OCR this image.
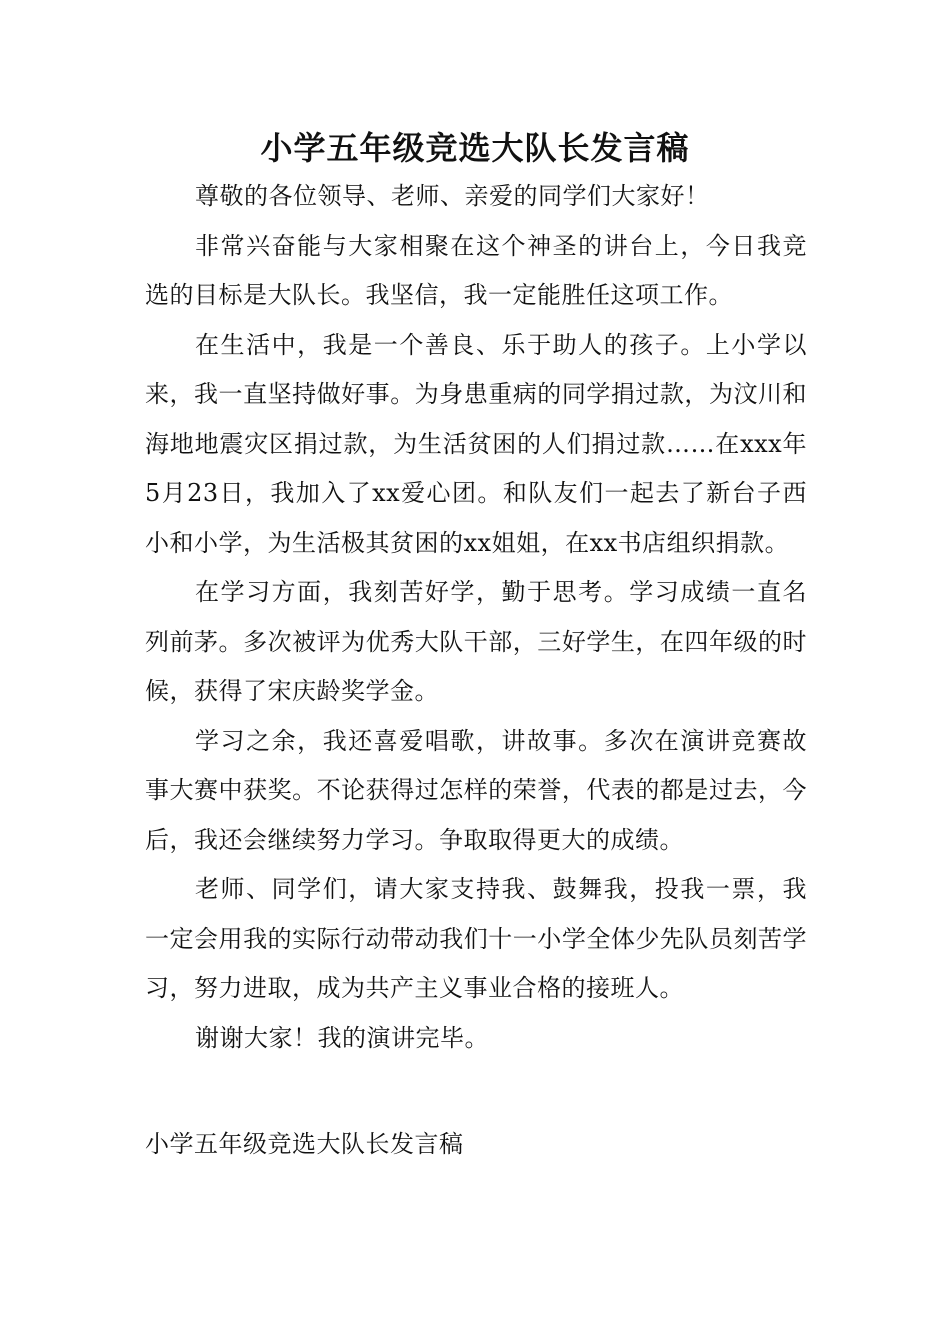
小学五年级竞选大队长发言稿

尊敬的各位领导、老师、亲爱的同学们大家好！

非常兴奋能与大家相聚在这个神圣的讲台上，今日我竞选的目标是大队长。我坚信，我一定能胜任这项工作。

在生活中，我是一个善良、乐于助人的孩子。上小学以来，我一直坚持做好事。为身患重病的同学捐过款，为汶川和海地地震灾区捐过款，为生活贫困的人们捐过款……在xxx年5月23日，我加入了xx爱心团。和队友们一起去了新台子西小和小学，为生活极其贫困的xx姐姐，在xx书店组织捐款。

在学习方面，我刻苦好学，勤于思考。学习成绩一直名列前茅。多次被评为优秀大队干部，三好学生，在四年级的时候，获得了宋庆龄奖学金。

学习之余，我还喜爱唱歌，讲故事。多次在演讲竞赛故事大赛中获奖。不论获得过怎样的荣誉，代表的都是过去，今后，我还会继续努力学习。争取取得更大的成绩。

老师、同学们，请大家支持我、鼓舞我，投我一票，我一定会用我的实际行动带动我们十一小学全体少先队员刻苦学习，努力进取，成为共产主义事业合格的接班人。

谢谢大家！我的演讲完毕。

小学五年级竞选大队长发言稿
